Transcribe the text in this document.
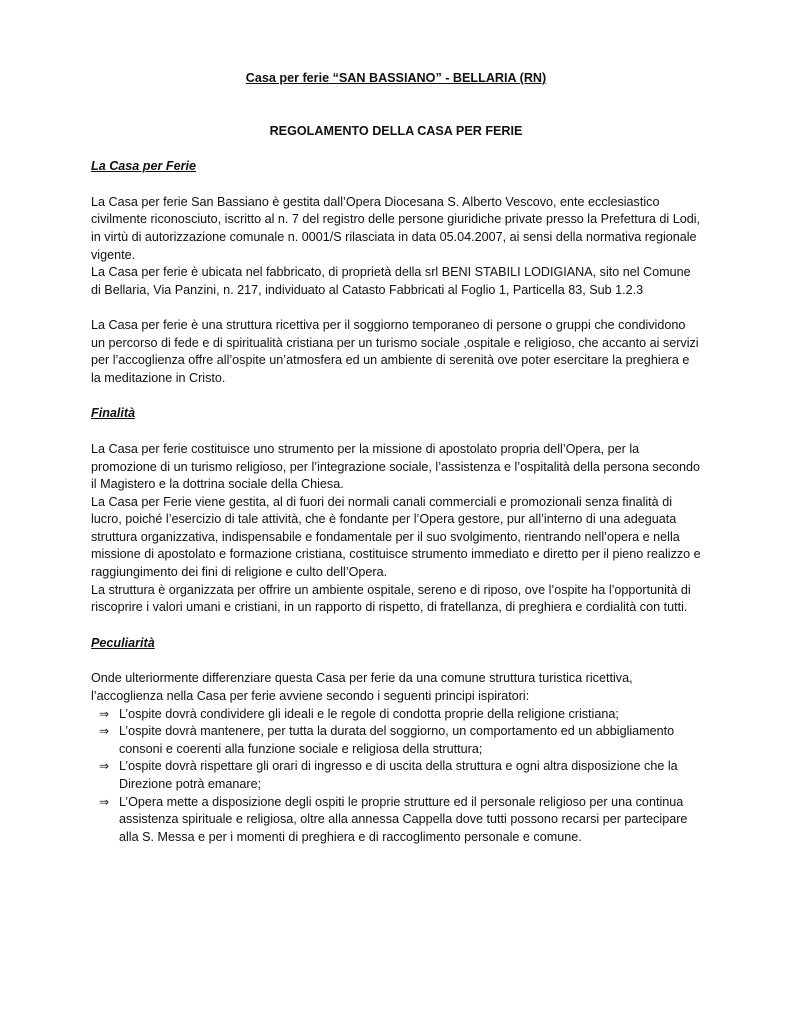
Casa per ferie “SAN BASSIANO” - BELLARIA (RN)

REGOLAMENTO DELLA CASA PER FERIE

La Casa per Ferie

La Casa per ferie San Bassiano è gestita dall’Opera Diocesana S. Alberto Vescovo, ente ecclesiastico civilmente riconosciuto, iscritto al n. 7 del registro delle persone giuridiche private presso la Prefettura di Lodi, in virtù di autorizzazione comunale n. 0001/S rilasciata in data 05.04.2007, ai sensi della normativa regionale vigente.

La Casa per ferie è ubicata nel fabbricato, di proprietà della srl BENI STABILI LODIGIANA, sito nel Comune di Bellaria, Via Panzini, n. 217, individuato al Catasto Fabbricati al Foglio 1, Particella 83, Sub 1.2.3

La Casa per ferie è una struttura ricettiva per il soggiorno temporaneo di persone o gruppi che condividono un percorso di fede e di spiritualità cristiana per un turismo sociale ,ospitale e religioso, che accanto ai servizi per l’accoglienza offre all’ospite un’atmosfera ed un ambiente di serenità ove poter esercitare la preghiera e la meditazione in Cristo.

Finalità

La Casa per ferie costituisce uno strumento per la missione di apostolato propria dell’Opera, per la promozione di un turismo religioso, per l’integrazione sociale, l’assistenza e l’ospitalità della persona secondo il Magistero e la dottrina sociale della Chiesa.

La Casa per Ferie viene gestita, al di fuori dei normali canali commerciali e promozionali senza finalità di lucro, poiché l’esercizio di tale attività, che è fondante per l’Opera gestore, pur all’interno di una adeguata struttura organizzativa, indispensabile e fondamentale per il suo svolgimento, rientrando nell’opera e nella missione di apostolato e formazione cristiana, costituisce strumento immediato e diretto per il pieno realizzo e raggiungimento dei fini di religione e culto dell’Opera.

La struttura è organizzata per offrire un ambiente ospitale, sereno e di riposo, ove l’ospite ha l’opportunità di riscoprire i valori umani e cristiani, in un rapporto di rispetto, di fratellanza, di preghiera e cordialità con tutti.

Peculiarità

Onde ulteriormente differenziare questa Casa per ferie da una comune struttura turistica ricettiva, l’accoglienza nella Casa per ferie avviene secondo i seguenti principi ispiratori:

⇒ L’ospite dovrà condividere gli ideali e le regole di condotta proprie della religione cristiana;
⇒ L’ospite dovrà mantenere, per tutta la durata del soggiorno, un comportamento ed un abbigliamento consoni e coerenti alla funzione sociale e religiosa della struttura;
⇒ L’ospite dovrà rispettare gli orari di ingresso e di uscita della struttura e ogni altra disposizione che la Direzione potrà emanare;
⇒ L’Opera mette a disposizione degli ospiti le proprie strutture ed il personale religioso per una continua assistenza spirituale e religiosa, oltre alla annessa Cappella dove tutti possono recarsi per partecipare alla S. Messa e per i momenti di preghiera e di raccoglimento personale e comune.
